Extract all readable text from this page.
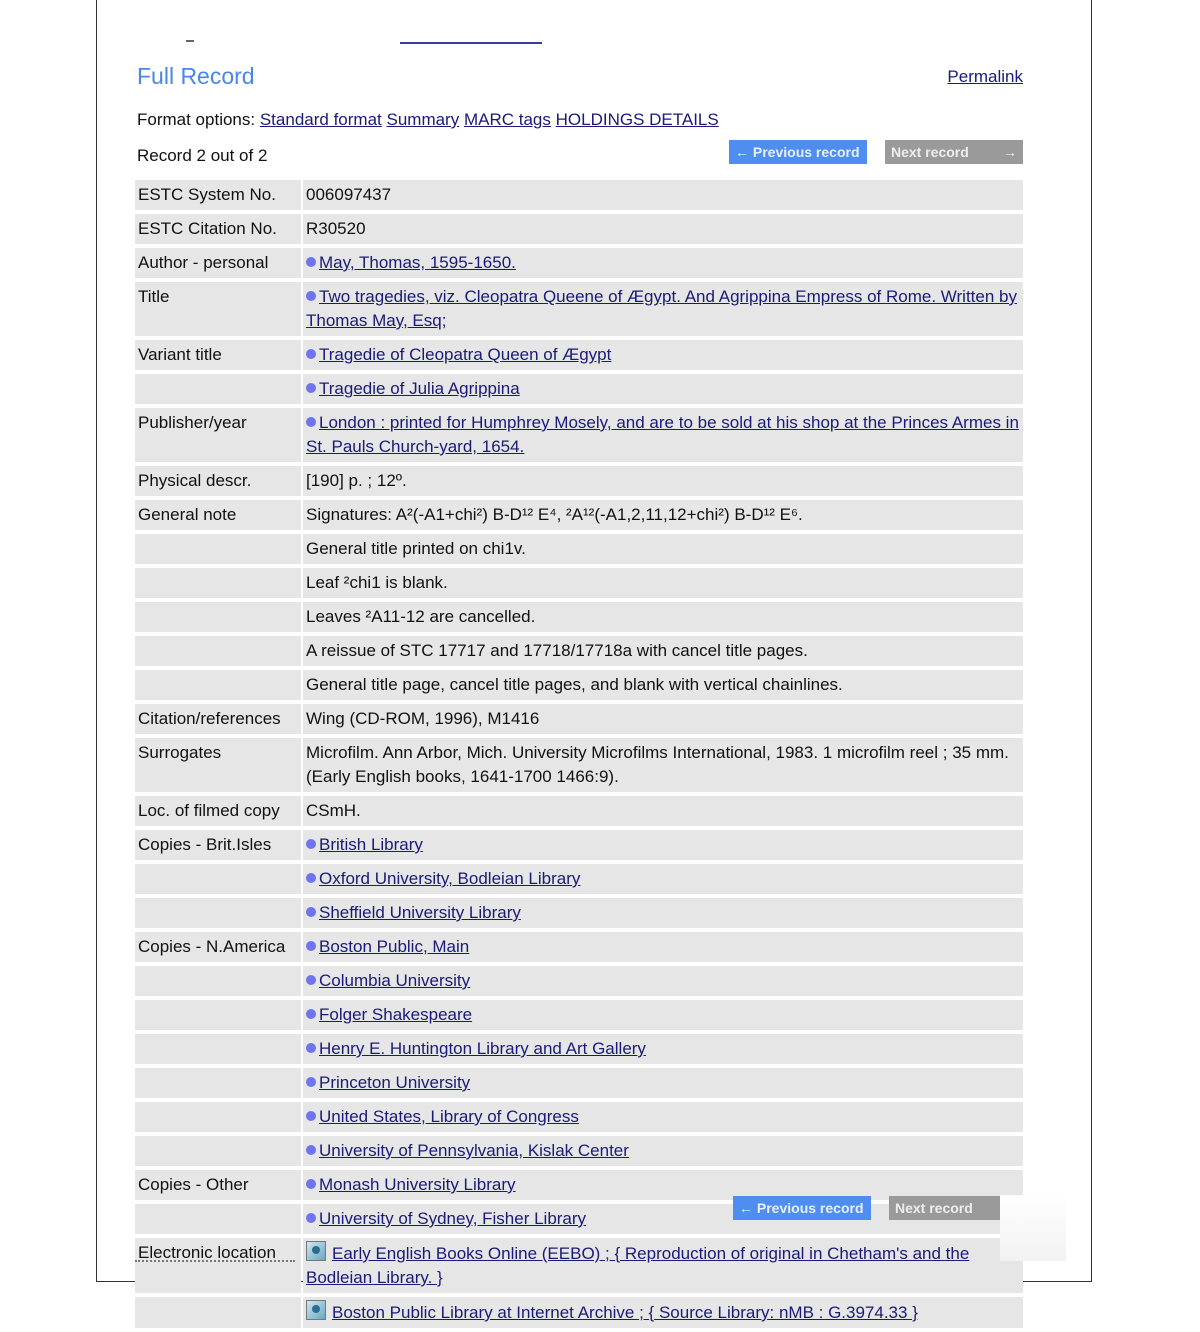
Full Record	Permalink
Format options: Standard format Summary MARC tags HOLDINGS DETAILS
Record 2 out of 2	← Previous record	Next record →
ESTC System No.	006097437
ESTC Citation No.	R30520
Author - personal	May, Thomas, 1595-1650.
Title	Two tragedies, viz. Cleopatra Queene of Ægypt. And Agrippina Empress of Rome. Written by Thomas May, Esq;
Variant title	Tragedie of Cleopatra Queen of Ægypt
	Tragedie of Julia Agrippina
Publisher/year	London : printed for Humphrey Mosely, and are to be sold at his shop at the Princes Armes in St. Pauls Church-yard, 1654.
Physical descr.	[190] p. ; 12º.
General note	Signatures: A²(-A1+chi²) B-D¹² E⁴, ²A¹²(-A1,2,11,12+chi²) B-D¹² E⁶.
	General title printed on chi1v.
	Leaf ²chi1 is blank.
	Leaves ²A11-12 are cancelled.
	A reissue of STC 17717 and 17718/17718a with cancel title pages.
	General title page, cancel title pages, and blank with vertical chainlines.
Citation/references	Wing (CD-ROM, 1996), M1416
Surrogates	Microfilm. Ann Arbor, Mich. University Microfilms International, 1983. 1 microfilm reel ; 35 mm. (Early English books, 1641-1700 1466:9).
Loc. of filmed copy	CSmH.
Copies - Brit.Isles	British Library
	Oxford University, Bodleian Library
	Sheffield University Library
Copies - N.America	Boston Public, Main
	Columbia University
	Folger Shakespeare
	Henry E. Huntington Library and Art Gallery
	Princeton University
	United States, Library of Congress
	University of Pennsylvania, Kislak Center
Copies - Other	Monash University Library
	University of Sydney, Fisher Library
Electronic location	Early English Books Online (EEBO) ; { Reproduction of original in Chetham's and the Bodleian Library. }
	Boston Public Library at Internet Archive ; { Source Library: nMB : G.3974.33 }
← Previous record	Next record
